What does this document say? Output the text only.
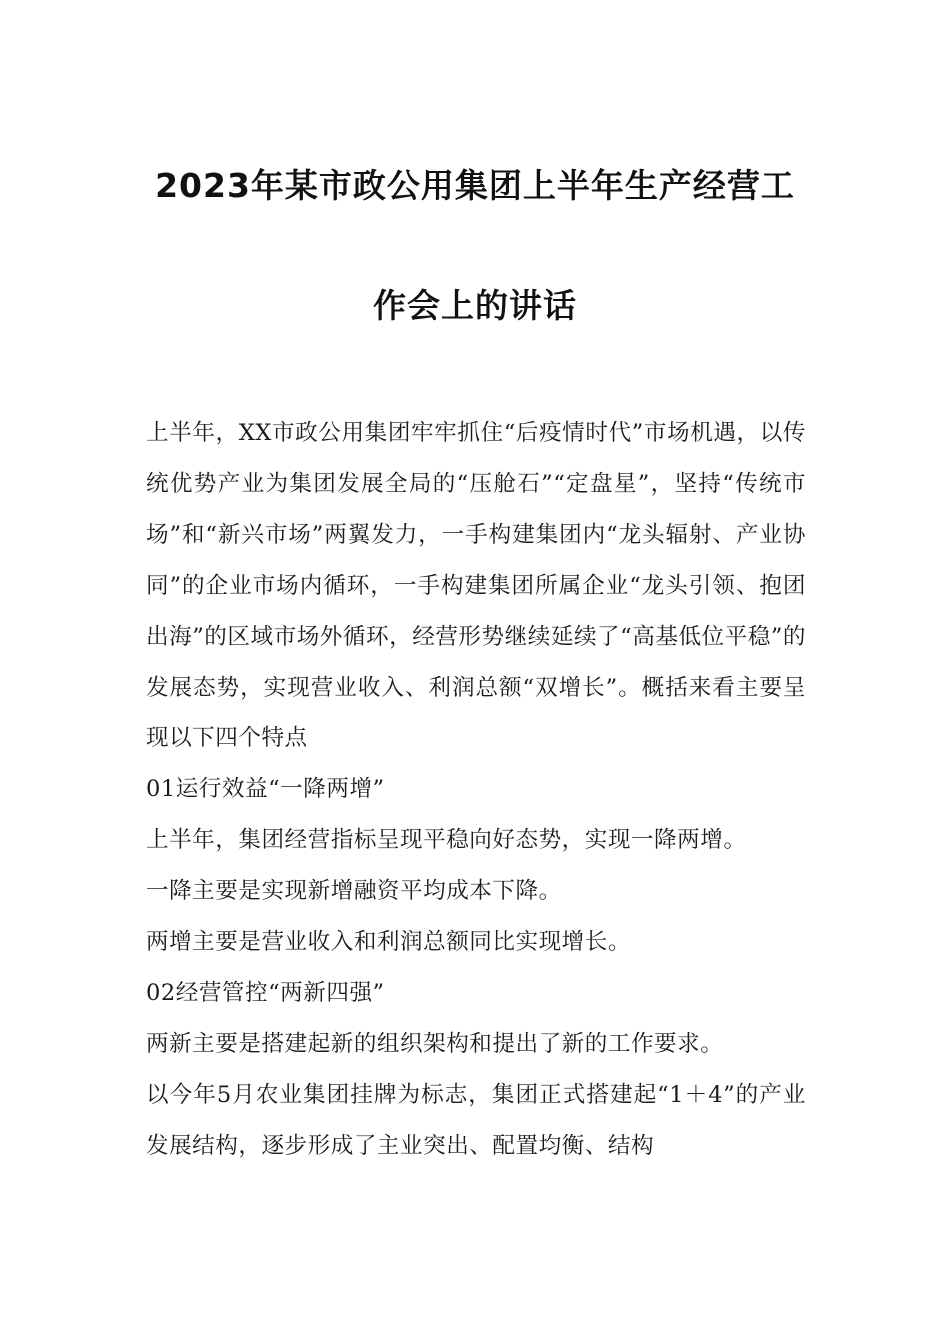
2023年某市政公用集团上半年生产经营工
作会上的讲话

上半年，XX市政公用集团牢牢抓住“后疫情时代”市场机遇，以传统优势产业为集团发展全局的“压舱石”“定盘星”，坚持“传统市场”和“新兴市场”两翼发力，一手构建集团内“龙头辐射、产业协同”的企业市场内循环，一手构建集团所属企业“龙头引领、抱团出海”的区域市场外循环，经营形势继续延续了“高基低位平稳”的发展态势，实现营业收入、利润总额“双增长”。概括来看主要呈现以下四个特点

01运行效益“一降两增”

上半年，集团经营指标呈现平稳向好态势，实现一降两增。

一降主要是实现新增融资平均成本下降。

两增主要是营业收入和利润总额同比实现增长。

02经营管控“两新四强”

两新主要是搭建起新的组织架构和提出了新的工作要求。

以今年5月农业集团挂牌为标志，集团正式搭建起“1＋4”的产业发展结构，逐步形成了主业突出、配置均衡、结构
